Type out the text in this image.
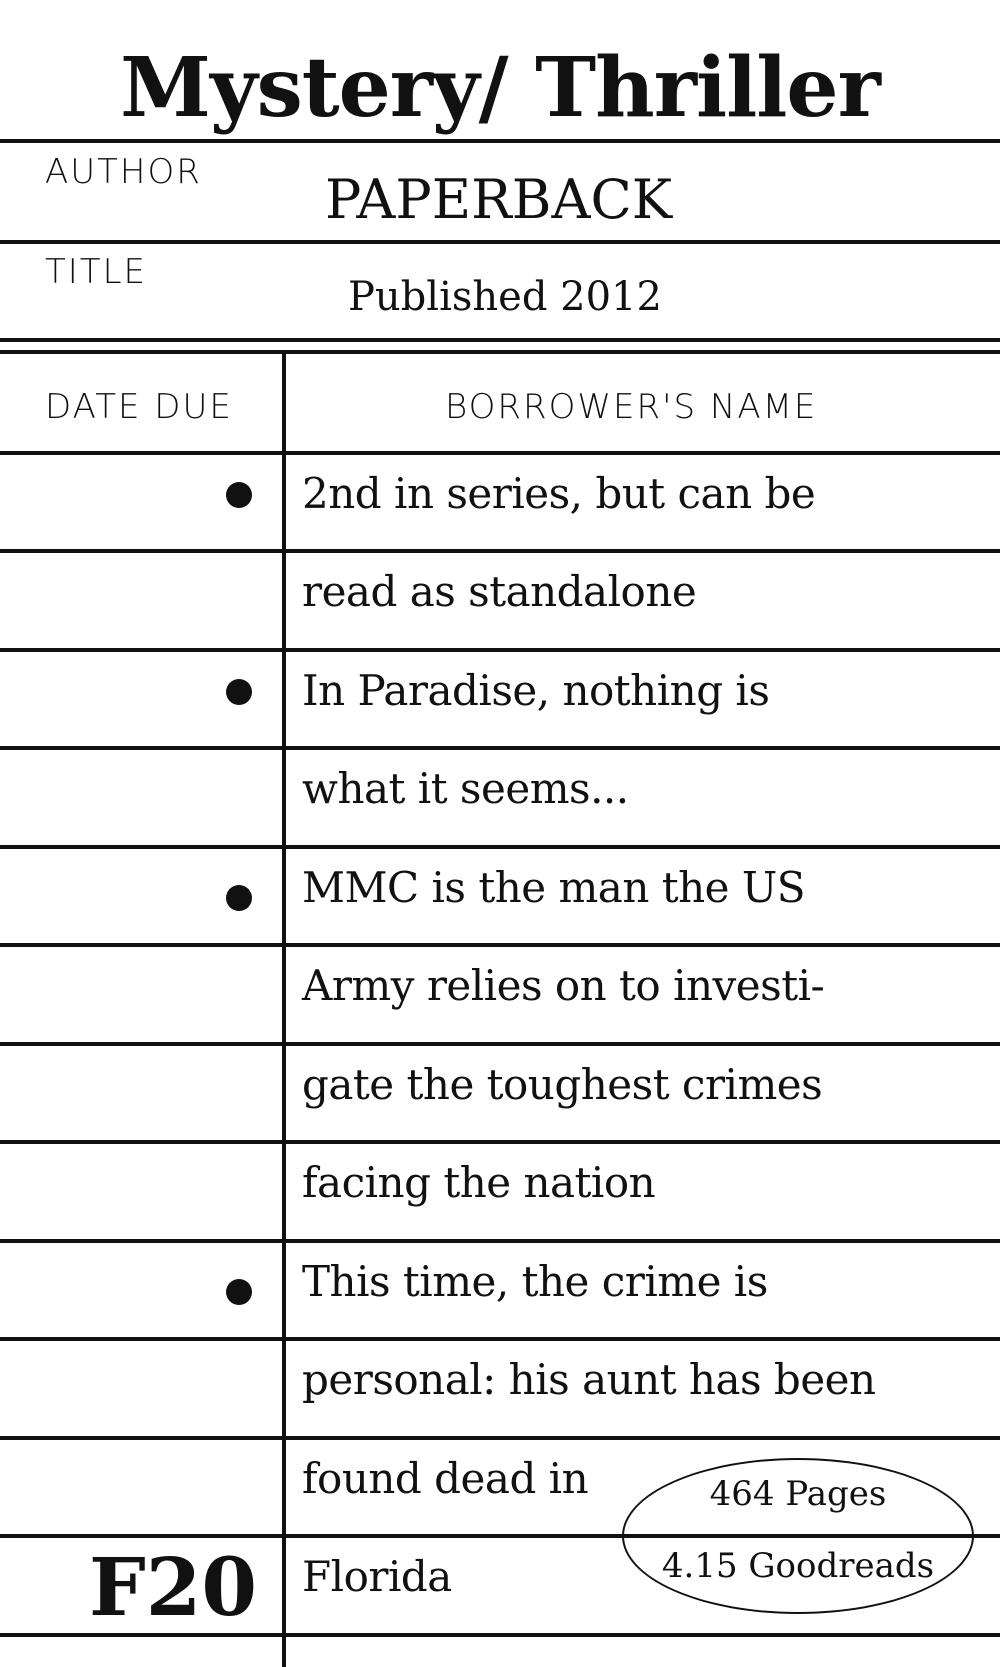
Mystery/ Thriller
AUTHOR PAPERBACK
TITLE
Published 2012
DATE DUE	BORROWER'S NAME
2nd in series, but can be
read as standalone
In Paradise, nothing is
what it seems...
MMC is the man the US
Army relies on to investi-
gate the toughest crimes
facing the nation
This time, the crime is
personal: his aunt has been
found dead in
Florida
F20
464 Pages
4.15 Goodreads
